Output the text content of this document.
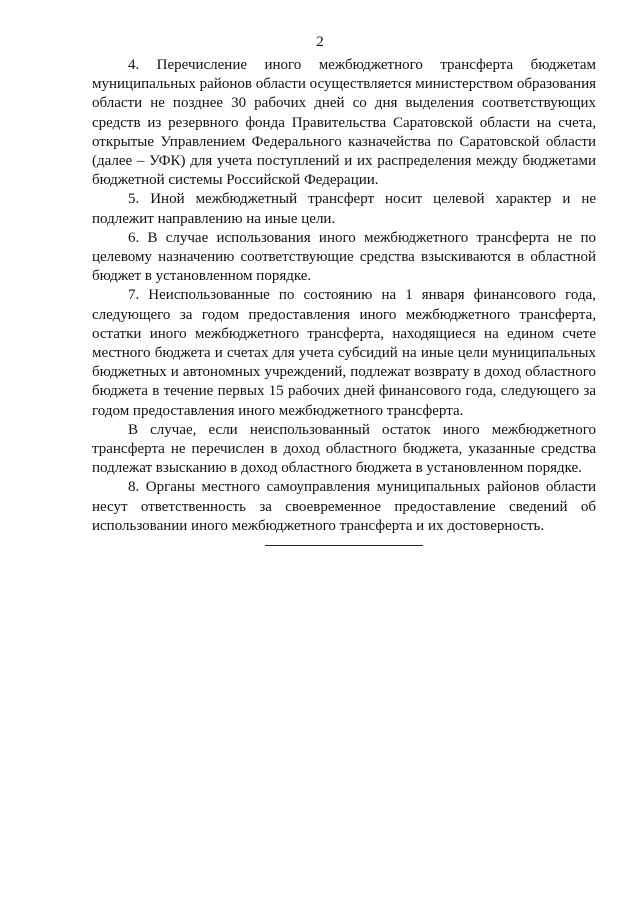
2

4. Перечисление иного межбюджетного трансферта бюджетам муниципальных районов области осуществляется министерством образования области не позднее 30 рабочих дней со дня выделения соответствующих средств из резервного фонда Правительства Саратовской области на счета, открытые Управлением Федерального казначейства по Саратовской области (далее – УФК) для учета поступлений и их распределения между бюджетами бюджетной системы Российской Федерации.

5. Иной межбюджетный трансферт носит целевой характер и не подлежит направлению на иные цели.

6. В случае использования иного межбюджетного трансферта не по целевому назначению соответствующие средства взыскиваются в областной бюджет в установленном порядке.

7. Неиспользованные по состоянию на 1 января финансового года, следующего за годом предоставления иного межбюджетного трансферта, остатки иного межбюджетного трансферта, находящиеся на едином счете местного бюджета и счетах для учета субсидий на иные цели муниципальных бюджетных и автономных учреждений, подлежат возврату в доход областного бюджета в течение первых 15 рабочих дней финансового года, следующего за годом предоставления иного межбюджетного трансферта.

В случае, если неиспользованный остаток иного межбюджетного трансферта не перечислен в доход областного бюджета, указанные средства подлежат взысканию в доход областного бюджета в установленном порядке.

8. Органы местного самоуправления муниципальных районов области несут ответственность за своевременное предоставление сведений об использовании иного межбюджетного трансферта и их достоверность.
